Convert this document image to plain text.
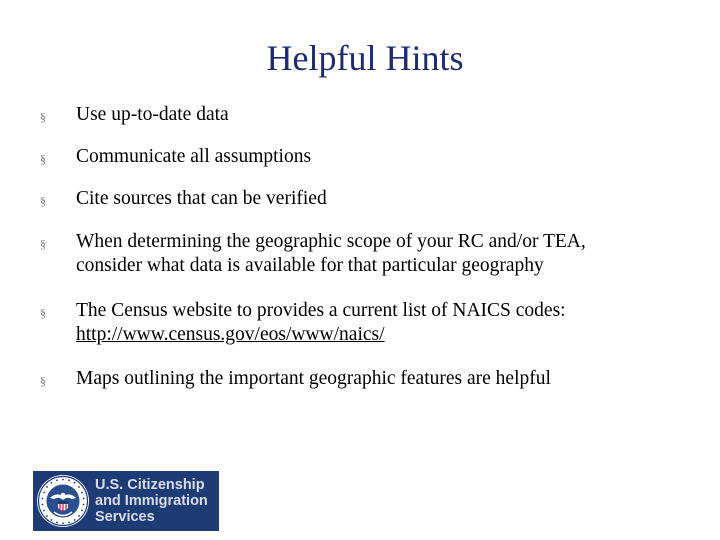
Helpful Hints
§ Use up-to-date data
§ Communicate all assumptions
§ Cite sources that can be verified
§ When determining the geographic scope of your RC and/or TEA,
consider what data is available for that particular geography
§ The Census website to provides a current list of NAICS codes:
http://www.census.gov/eos/www/naics/
§ Maps outlining the important geographic features are helpful
U.S. Citizenship
and Immigration
Services
